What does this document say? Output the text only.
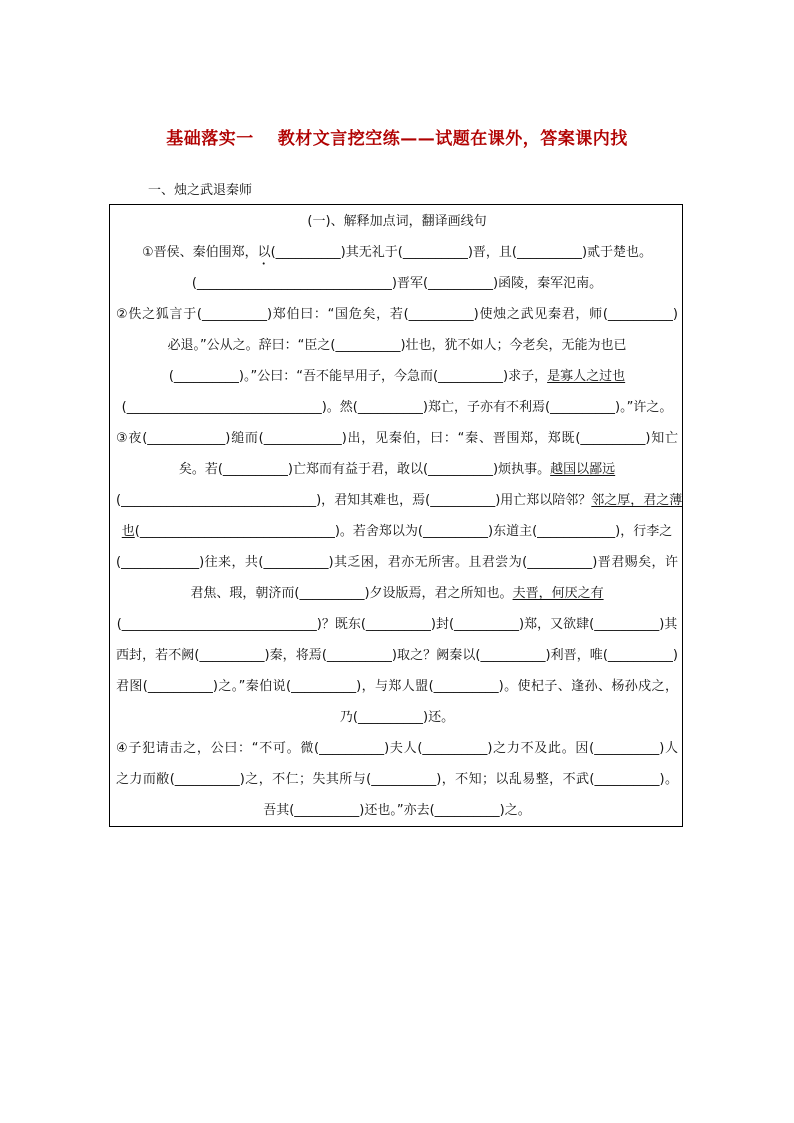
基础落实一　 教材文言挖空练——试题在课外，答案课内找
一、烛之武退秦师
(一)、解释加点词，翻译画线句
①晋侯、秦伯围郑，以(__________)其无礼于(__________)晋，且(__________)贰于楚也。
(______________________________)晋军(__________)函陵，秦军氾南。
②佚之狐言于(__________)郑伯曰：“国危矣，若(__________)使烛之武见秦君，师(__________)
必退。”公从之。辞曰：“臣之(__________)壮也，犹不如人；今老矣，无能为也已
(__________)。”公曰：“吾不能早用子，今急而(__________)求子，是寡人之过也
(______________________________)。然(__________)郑亡，子亦有不利焉(__________)。”许之。
③夜(____________)缒而(____________)出，见秦伯，曰：“秦、晋围郑，郑既(__________)知亡
矣。若(__________)亡郑而有益于君，敢以(__________)烦执事。越国以鄙远
(______________________________)，君知其难也，焉(__________)用亡郑以陪邻？邻之厚，君之薄
也(______________________________)。若舍郑以为(__________)东道主(____________)，行李之
(____________)往来，共(__________)其乏困，君亦无所害。且君尝为(__________)晋君赐矣，许
君焦、瑕，朝济而(__________)夕设版焉，君之所知也。夫晋，何厌之有
(______________________________)？既东(__________)封(__________)郑，又欲肆(__________)其
西封，若不阙(__________)秦，将焉(__________)取之？阙秦以(__________)利晋，唯(__________)
君图(__________)之。”秦伯说(__________)，与郑人盟(__________)。使杞子、逢孙、杨孙戍之，
乃(__________)还。
④子犯请击之，公曰：“不可。微(__________)夫人(__________)之力不及此。因(__________)人
之力而敝(__________)之，不仁；失其所与(__________)，不知；以乱易整，不武(__________)。
吾其(__________)还也。”亦去(__________)之。
